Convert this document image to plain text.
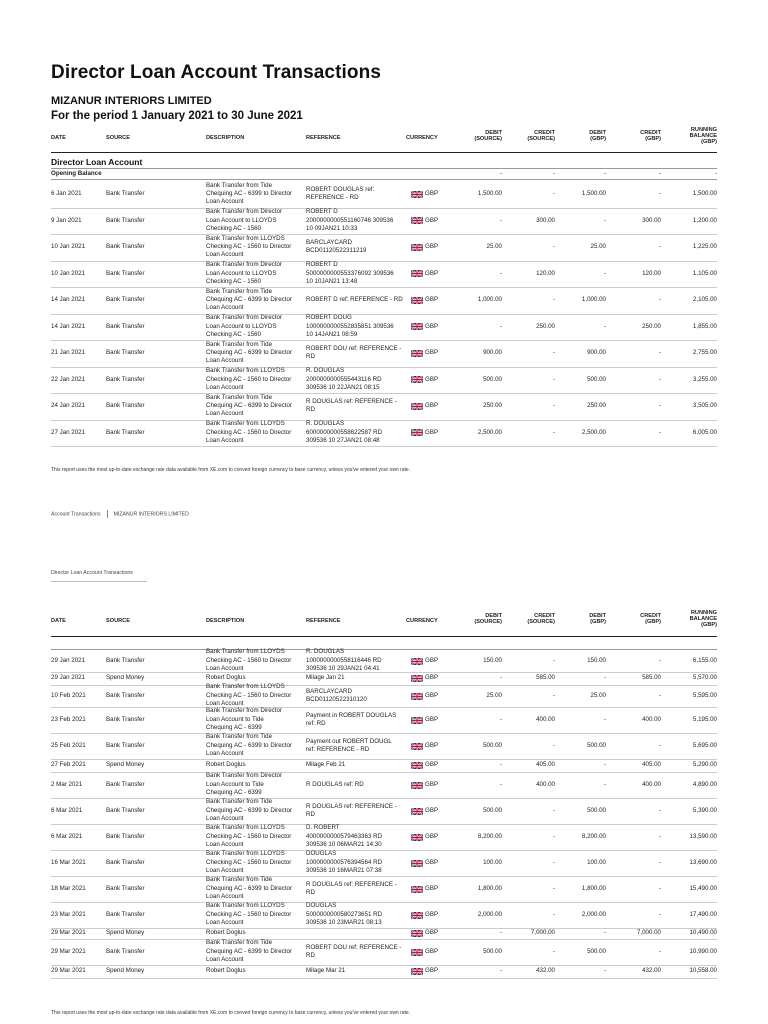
Director Loan Account Transactions
MIZANUR INTERIORS LIMITED
For the period 1 January 2021 to 30 June 2021
DATE	SOURCE	DESCRIPTION	REFERENCE	CURRENCY
DEBIT
(SOURCE)
CREDIT
(SOURCE)
DEBIT
(GBP)
CREDIT
(GBP)
RUNNING
BALANCE
(GBP)
Director Loan Account
Opening Balance	-	-	-	-	-
6 Jan 2021	Bank Transfer
Bank Transfer from Tide
Chequing AC - 6399 to Director
Loan Account
ROBERT DOUGLAS ref:
REFERENCE - RD
GBP	1,500.00	-	1,500.00	-	1,500.00
9 Jan 2021	Bank Transfer
Bank Transfer from Director
Loan Account to LLOYDS
Checking AC - 1560
ROBERT D
2000000000551160746 309536
10 09JAN21 10:33
GBP	-	300.00	-	300.00	1,200.00
10 Jan 2021	Bank Transfer
Bank Transfer from LLOYDS
Checking AC - 1560 to Director
Loan Account
BARCLAYCARD
BCD01120522311219
GBP	25.00	-	25.00	-	1,225.00
10 Jan 2021	Bank Transfer
Bank Transfer from Director
Loan Account to LLOYDS
Checking AC - 1560
ROBERT D
5000000000553376092 309536
10 10JAN21 13:48
GBP	-	120.00	-	120.00	1,105.00
14 Jan 2021	Bank Transfer
Bank Transfer from Tide
Chequing AC - 6399 to Director
Loan Account
ROBERT D ref: REFERENCE - RD	GBP	1,000.00	-	1,000.00	-	2,105.00
14 Jan 2021	Bank Transfer
Bank Transfer from Director
Loan Account to LLOYDS
Checking AC - 1560
ROBERT DOUG
1000000000552835851 309536
10 14JAN21 08:59
GBP	-	250.00	-	250.00	1,855.00
21 Jan 2021	Bank Transfer
Bank Transfer from Tide
Chequing AC - 6399 to Director
Loan Account
ROBERT DOU ref: REFERENCE -
RD
GBP	900.00	-	900.00	-	2,755.00
22 Jan 2021	Bank Transfer
Bank Transfer from LLOYDS
Checking AC - 1560 to Director
Loan Account
R. DOUGLAS
2000000000555443116 RD
309536 10 22JAN21 08:15
GBP	500.00	-	500.00	-	3,255.00
24 Jan 2021	Bank Transfer
Bank Transfer from Tide
Chequing AC - 6399 to Director
Loan Account
R DOUGLAS ref: REFERENCE -
RD
GBP	250.00	-	250.00	-	3,505.00
27 Jan 2021	Bank Transfer
Bank Transfer from LLOYDS
Checking AC - 1560 to Director
Loan Account
R. DOUGLAS
6000000000558622587 RD
309536 10 27JAN21 08:48
GBP	2,500.00	-	2,500.00	-	6,005.00
This report uses the most up-to-date exchange rate data available from XE.com to convert foreign currency to base currency, unless you've entered your own rate.
Account Transactions	MIZANUR INTERIORS LIMITED
Director Loan Account Transactions
DATE	SOURCE	DESCRIPTION	REFERENCE	CURRENCY
DEBIT
(SOURCE)
CREDIT
(SOURCE)
DEBIT
(GBP)
CREDIT
(GBP)
RUNNING
BALANCE
(GBP)
29 Jan 2021	Bank Transfer
Bank Transfer from LLOYDS
Checking AC - 1560 to Director
Loan Account
R. DOUGLAS
1000000000558116446 RD
309536 10 29JAN21 04:41
GBP	150.00	-	150.00	-	6,155.00
29 Jan 2021	Spend Money	Robert Doglus	Milage Jan 21	GBP	-	585.00	-	585.00	5,570.00
10 Feb 2021	Bank Transfer
Bank Transfer from LLOYDS
Checking AC - 1560 to Director
Loan Account
BARCLAYCARD
BCD01120522310120
GBP	25.00	-	25.00	-	5,595.00
23 Feb 2021	Bank Transfer
Bank Transfer from Director
Loan Account to Tide
Chequing AC - 6399
Payment in ROBERT DOUGLAS
ref: RD
GBP	-	400.00	-	400.00	5,195.00
25 Feb 2021	Bank Transfer
Bank Transfer from Tide
Chequing AC - 6399 to Director
Loan Account
Payment out ROBERT DOUGL
ref: REFERENCE - RD
GBP	500.00	-	500.00	-	5,695.00
27 Feb 2021	Spend Money	Robert Doglus	Milage Feb 21	GBP	-	405.00	-	405.00	5,290.00
2 Mar 2021	Bank Transfer
Bank Transfer from Director
Loan Account to Tide
Chequing AC - 6399
R DOUGLAS ref: RD	GBP	-	400.00	-	400.00	4,890.00
6 Mar 2021	Bank Transfer
Bank Transfer from Tide
Chequing AC - 6399 to Director
Loan Account
R DOUGLAS ref: REFERENCE -
RD
GBP	500.00	-	500.00	-	5,390.00
6 Mar 2021	Bank Transfer
Bank Transfer from LLOYDS
Checking AC - 1560 to Director
Loan Account
D. ROBERT
4000000000579463363 RD
309536 10 06MAR21 14:30
GBP	8,200.00	-	8,200.00	-	13,590.00
16 Mar 2021	Bank Transfer
Bank Transfer from LLOYDS
Checking AC - 1560 to Director
Loan Account
DOUGLAS
1000000000576394564 RD
309536 10 16MAR21 07:38
GBP	100.00	-	100.00	-	13,690.00
18 Mar 2021	Bank Transfer
Bank Transfer from Tide
Chequing AC - 6399 to Director
Loan Account
R DOUGLAS ref: REFERENCE -
RD
GBP	1,800.00	-	1,800.00	-	15,490.00
23 Mar 2021	Bank Transfer
Bank Transfer from LLOYDS
Checking AC - 1560 to Director
Loan Account
DOUGLAS
5000000000580273651 RD
309536 10 23MAR21 08:13
GBP	2,000.00	-	2,000.00	-	17,490.00
29 Mar 2021	Spend Money	Robert Doglus	GBP	-	7,000.00	-	7,000.00	10,490.00
29 Mar 2021	Bank Transfer
Bank Transfer from Tide
Chequing AC - 6399 to Director
Loan Account
ROBERT DOU ref: REFERENCE -
RD
GBP	500.00	-	500.00	-	10,990.00
29 Mar 2021	Spend Money	Robert Doglus	Milage Mar 21	GBP	-	432.00	-	432.00	10,558.00
This report uses the most up-to-date exchange rate data available from XE.com to convert foreign currency to base currency, unless you've entered your own rate.
